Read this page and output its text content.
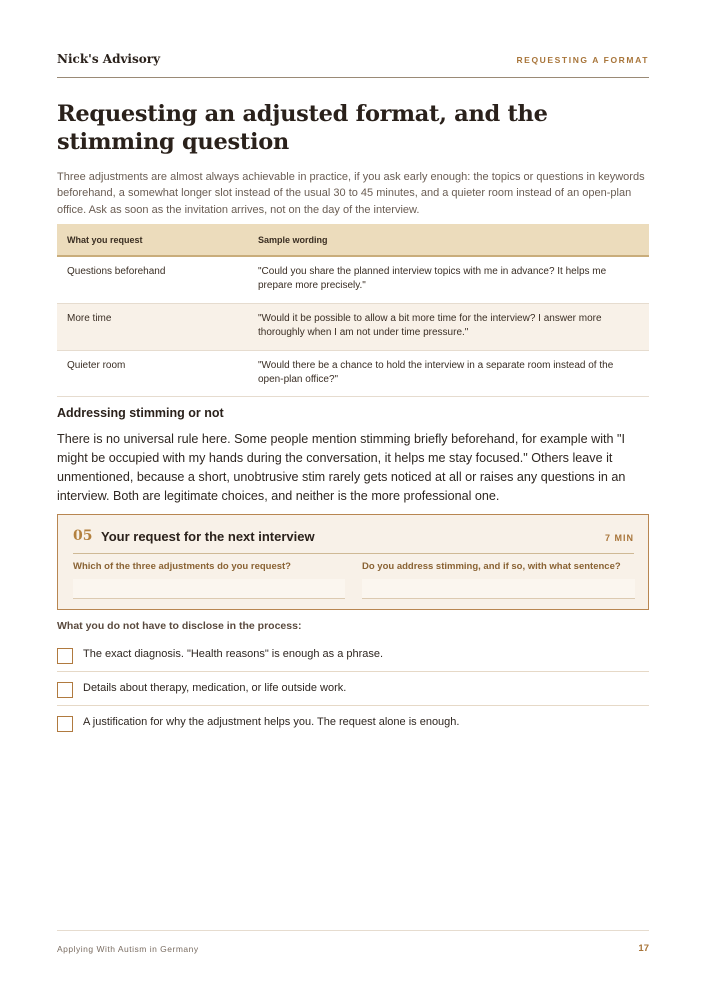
Nick's Advisory	REQUESTING A FORMAT
Requesting an adjusted format, and the stimming question

Three adjustments are almost always achievable in practice, if you ask early enough: the topics or questions in keywords beforehand, a somewhat longer slot instead of the usual 30 to 45 minutes, and a quieter room instead of an open-plan office. Ask as soon as the invitation arrives, not on the day of the interview.

What you request	Sample wording
Questions beforehand	"Could you share the planned interview topics with me in advance? It helps me prepare more precisely."
More time	"Would it be possible to allow a bit more time for the interview? I answer more thoroughly when I am not under time pressure."
Quieter room	"Would there be a chance to hold the interview in a separate room instead of the open-plan office?"
Addressing stimming or not

There is no universal rule here. Some people mention stimming briefly beforehand, for example with "I might be occupied with my hands during the conversation, it helps me stay focused." Others leave it unmentioned, because a short, unobtrusive stim rarely gets noticed at all or raises any questions in an interview. Both are legitimate choices, and neither is the more professional one.

05 Your request for the next interview	7 MIN
Which of the three adjustments do you request?	Do you address stimming, and if so, with what sentence?
What you do not have to disclose in the process:
The exact diagnosis. "Health reasons" is enough as a phrase.
Details about therapy, medication, or life outside work.
A justification for why the adjustment helps you. The request alone is enough.
Applying With Autism in Germany	17
